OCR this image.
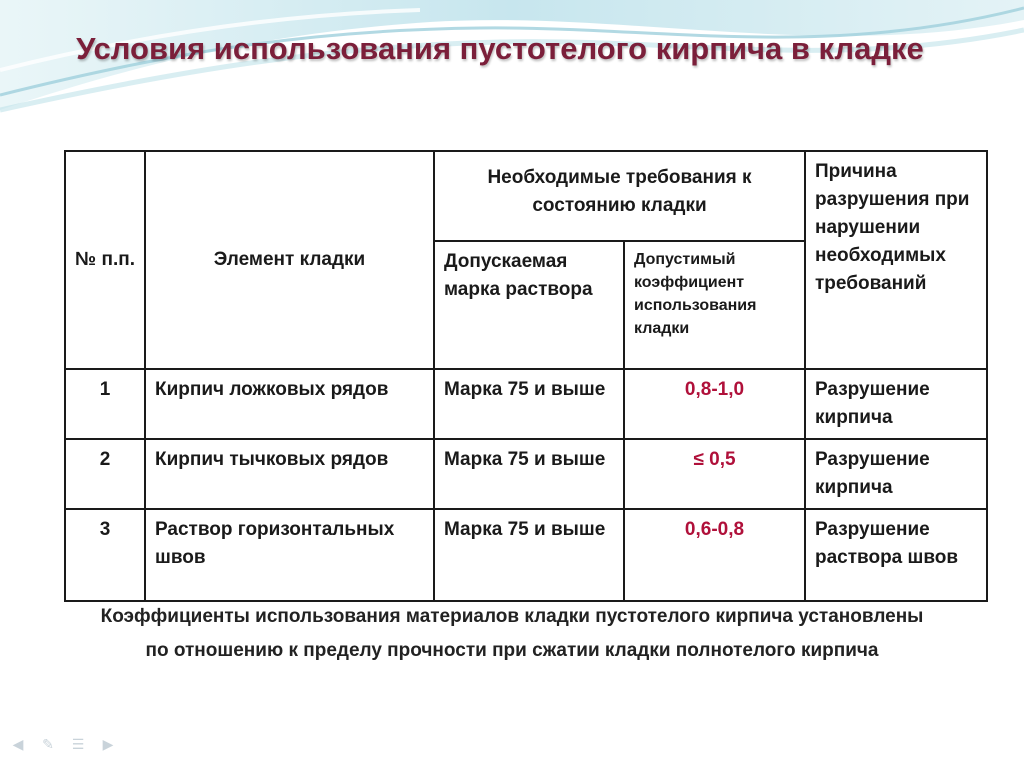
Условия использования пустотелого кирпича в кладке
№ п.п.	Элемент кладки	Необходимые требования к состоянию кладки		Причина разрушения при нарушении необходимых требований
		Допускаемая марка раствора	Допустимый коэффициент использования кладки	
1	Кирпич ложковых рядов	Марка 75 и выше	0,8-1,0	Разрушение кирпича
2	Кирпич тычковых рядов	Марка 75 и выше	≤ 0,5	Разрушение кирпича
3	Раствор горизонтальных швов	Марка 75 и выше	0,6-0,8	Разрушение раствора швов
Коэффициенты использования материалов кладки пустотелого кирпича установлены по отношению к пределу прочности при сжатии кладки полнотелого кирпича
◀	✎ ☰	▶
